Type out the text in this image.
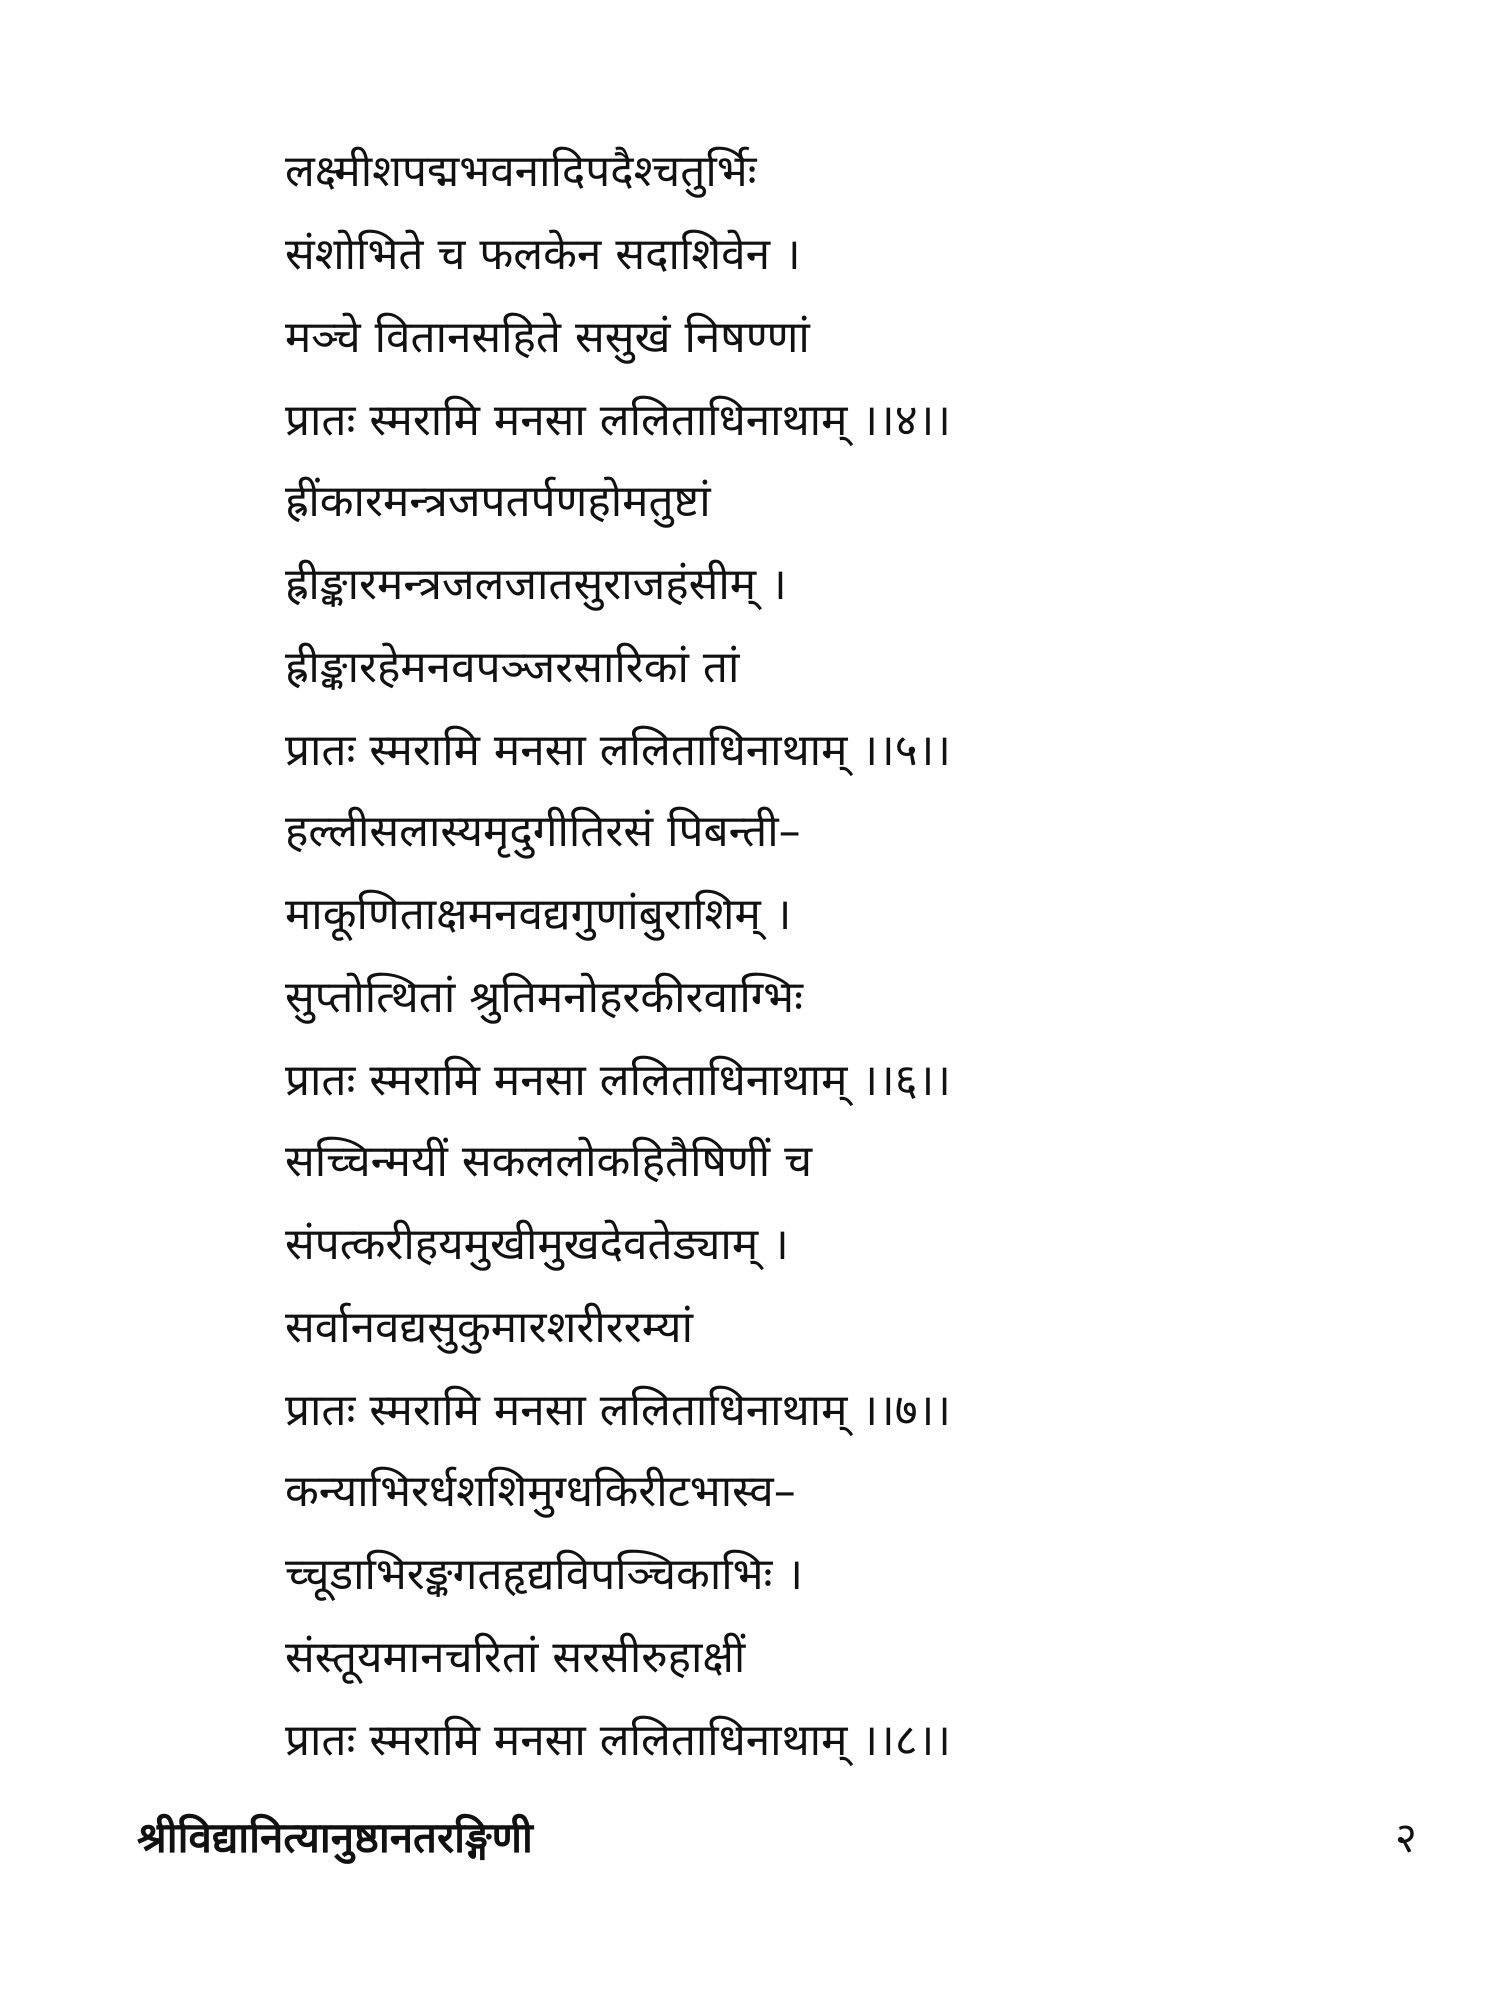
लक्ष्मीशपद्मभवनादिपदैश्चतुर्भिः
संशोभिते च फलकेन सदाशिवेन ।
मञ्चे वितानसहिते ससुखं निषण्णां
प्रातः स्मरामि मनसा ललिताधिनाथाम् ।।४।।
ह्रींकारमन्त्रजपतर्पणहोमतुष्टां
ह्रीङ्कारमन्त्रजलजातसुराजहंसीम् ।
ह्रीङ्कारहेमनवपञ्जरसारिकां तां
प्रातः स्मरामि मनसा ललिताधिनाथाम् ।।५।।
हल्लीसलास्यमृदुगीतिरसं पिबन्ती–
माकूणिताक्षमनवद्यगुणांबुराशिम् ।
सुप्तोत्थितां श्रुतिमनोहरकीरवाग्भिः
प्रातः स्मरामि मनसा ललिताधिनाथाम् ।।६।।
सच्चिन्मयीं सकललोकहितैषिणीं च
संपत्करीहयमुखीमुखदेवतेड्याम् ।
सर्वानवद्यसुकुमारशरीररम्यां
प्रातः स्मरामि मनसा ललिताधिनाथाम् ।।७।।
कन्याभिरर्धशशिमुग्धकिरीटभास्व–
च्चूडाभिरङ्कगतहृद्यविपञ्चिकाभिः ।
संस्तूयमानचरितां सरसीरुहाक्षीं
प्रातः स्मरामि मनसा ललिताधिनाथाम् ।।८।।
श्रीविद्यानित्यानुष्ठानतरङ्गिणी	२
